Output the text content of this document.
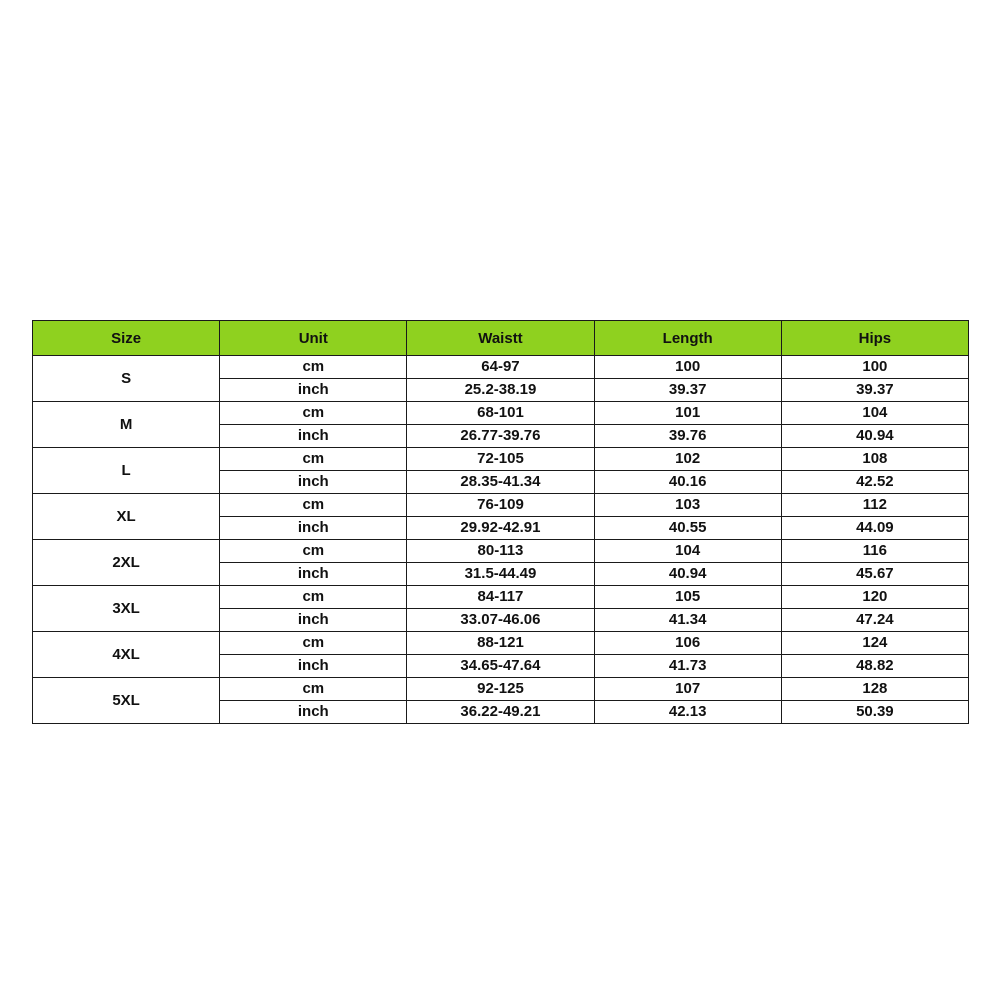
Size	Unit	Waistt	Length	Hips
S	cm	64-97	100	100
	inch	25.2-38.19	39.37	39.37
M	cm	68-101	101	104
	inch	26.77-39.76	39.76	40.94
L	cm	72-105	102	108
	inch	28.35-41.34	40.16	42.52
XL	cm	76-109	103	112
	inch	29.92-42.91	40.55	44.09
2XL	cm	80-113	104	116
	inch	31.5-44.49	40.94	45.67
3XL	cm	84-117	105	120
	inch	33.07-46.06	41.34	47.24
4XL	cm	88-121	106	124
	inch	34.65-47.64	41.73	48.82
5XL	cm	92-125	107	128
	inch	36.22-49.21	42.13	50.39
